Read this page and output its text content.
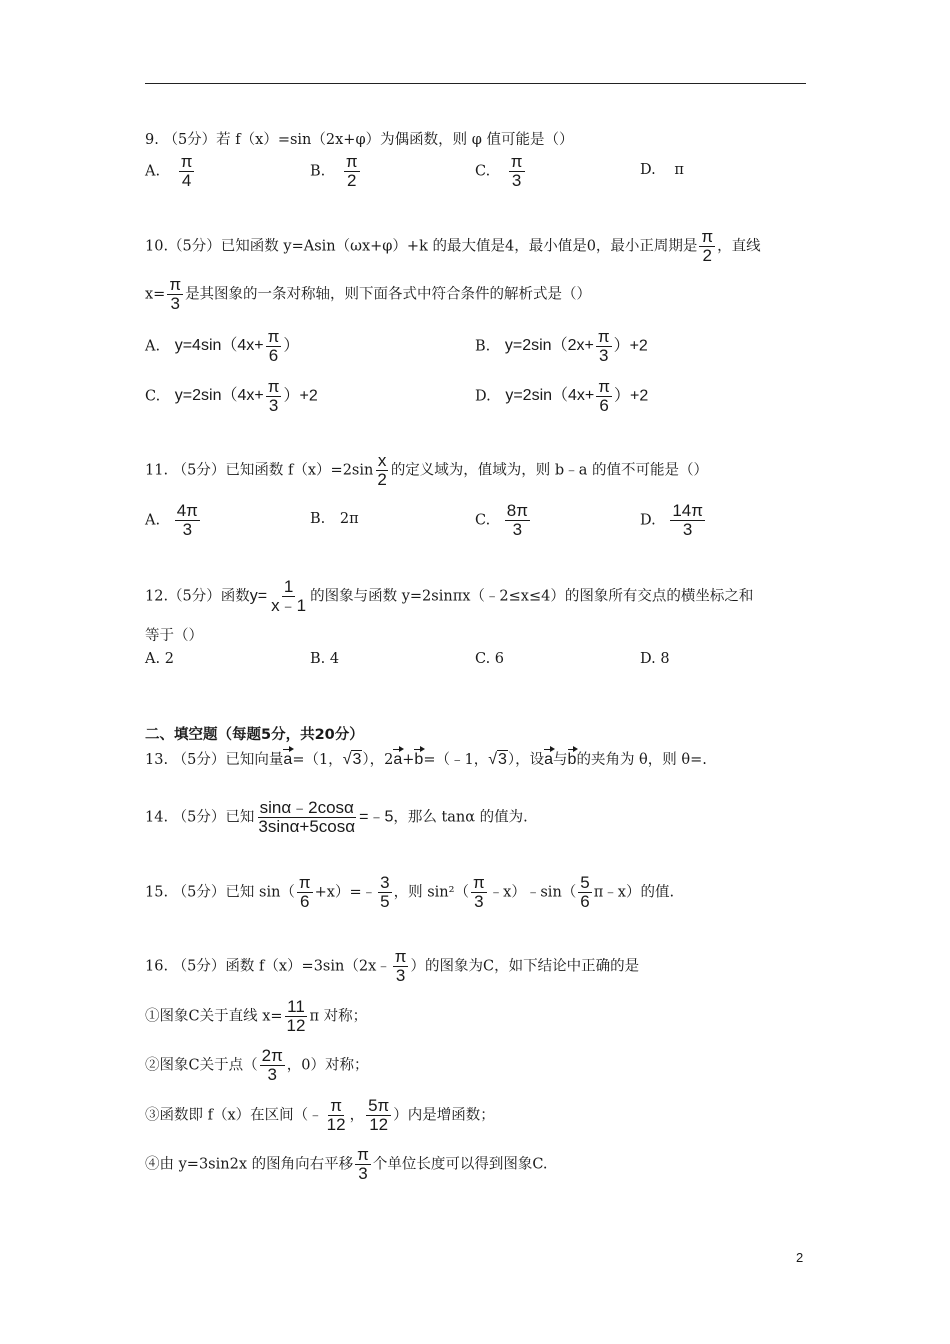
9. （5分）若 f（x）=sin（2x+φ）为偶函数，则 φ 值可能是（）
A. $\frac{\pi}{4}$	B. $\frac{\pi}{2}$	C. $\frac{\pi}{3}$	D. π
10.（5分）已知函数 y=Asin（ωx+φ）+k 的最大值是4，最小值是0，最小正周期是 $\frac{\pi}{2}$ ，直线
$x= \frac{\pi}{3}$ 是其图象的一条对称轴，则下面各式中符合条件的解析式是（）
A. $y=4\sin(4x+ \frac{\pi}{6}$ ）	B. $y=2\sin(2x+ \frac{\pi}{3} )+2$
C. $y=2\sin(4x+ \frac{\pi}{3} )+2$	D. $y=2\sin(4x+ \frac{\pi}{6} )+2$
11. （5分）已知函数 $f(x)=2\sin \frac{x}{2}$ 的定义域为，值域为，则 b﹣a 的值不可能是（）
A. $\frac{4\pi}{3}$	B. 2π	C. $\frac{8\pi}{3}$	D. $\frac{14\pi}{3}$
12.（5分）函数$y= \frac{1}{x﹣1}$ 的图象与函数 y=2sinπx（﹣2≤x≤4）的图象所有交点的横坐标之和
等于（）
A. 2	B. 4	C. 6	D. 8
二、填空题（每题5分，共20分）
13. （5分）已知向量a=（1，√3），2a+b=（﹣1，√3），设a与b的夹角为 θ，则 θ=.
14. （5分）已知 $\frac{\sin\alpha﹣2\cos\alpha}{3\sin\alpha+5\cos\alpha}$ =﹣5，那么 tanα 的值为.
15. （5分）已知 $\sin( \frac{\pi}{6}$ +x）=﹣ $\frac{3}{5}$ ，则 $\sin^2( \frac{\pi}{3}$ ﹣x）﹣sin（ $\frac{5}{6}$ π﹣x）的值.
16. （5分）函数 f（x）=3sin（2x﹣ $\frac{\pi}{3}$ ）的图象为C，如下结论中正确的是
①图象C关于直线 $x= \frac{11}{12}$ π 对称；
②图象C关于点（ $\frac{2\pi}{3}$ ，0）对称；
③函数即 f（x）在区间（﹣ $\frac{\pi}{12}$ ， $\frac{5\pi}{12}$ ）内是增函数；
④由 y=3sin2x 的图角向右平移 $\frac{\pi}{3}$ 个单位长度可以得到图象C.
2
